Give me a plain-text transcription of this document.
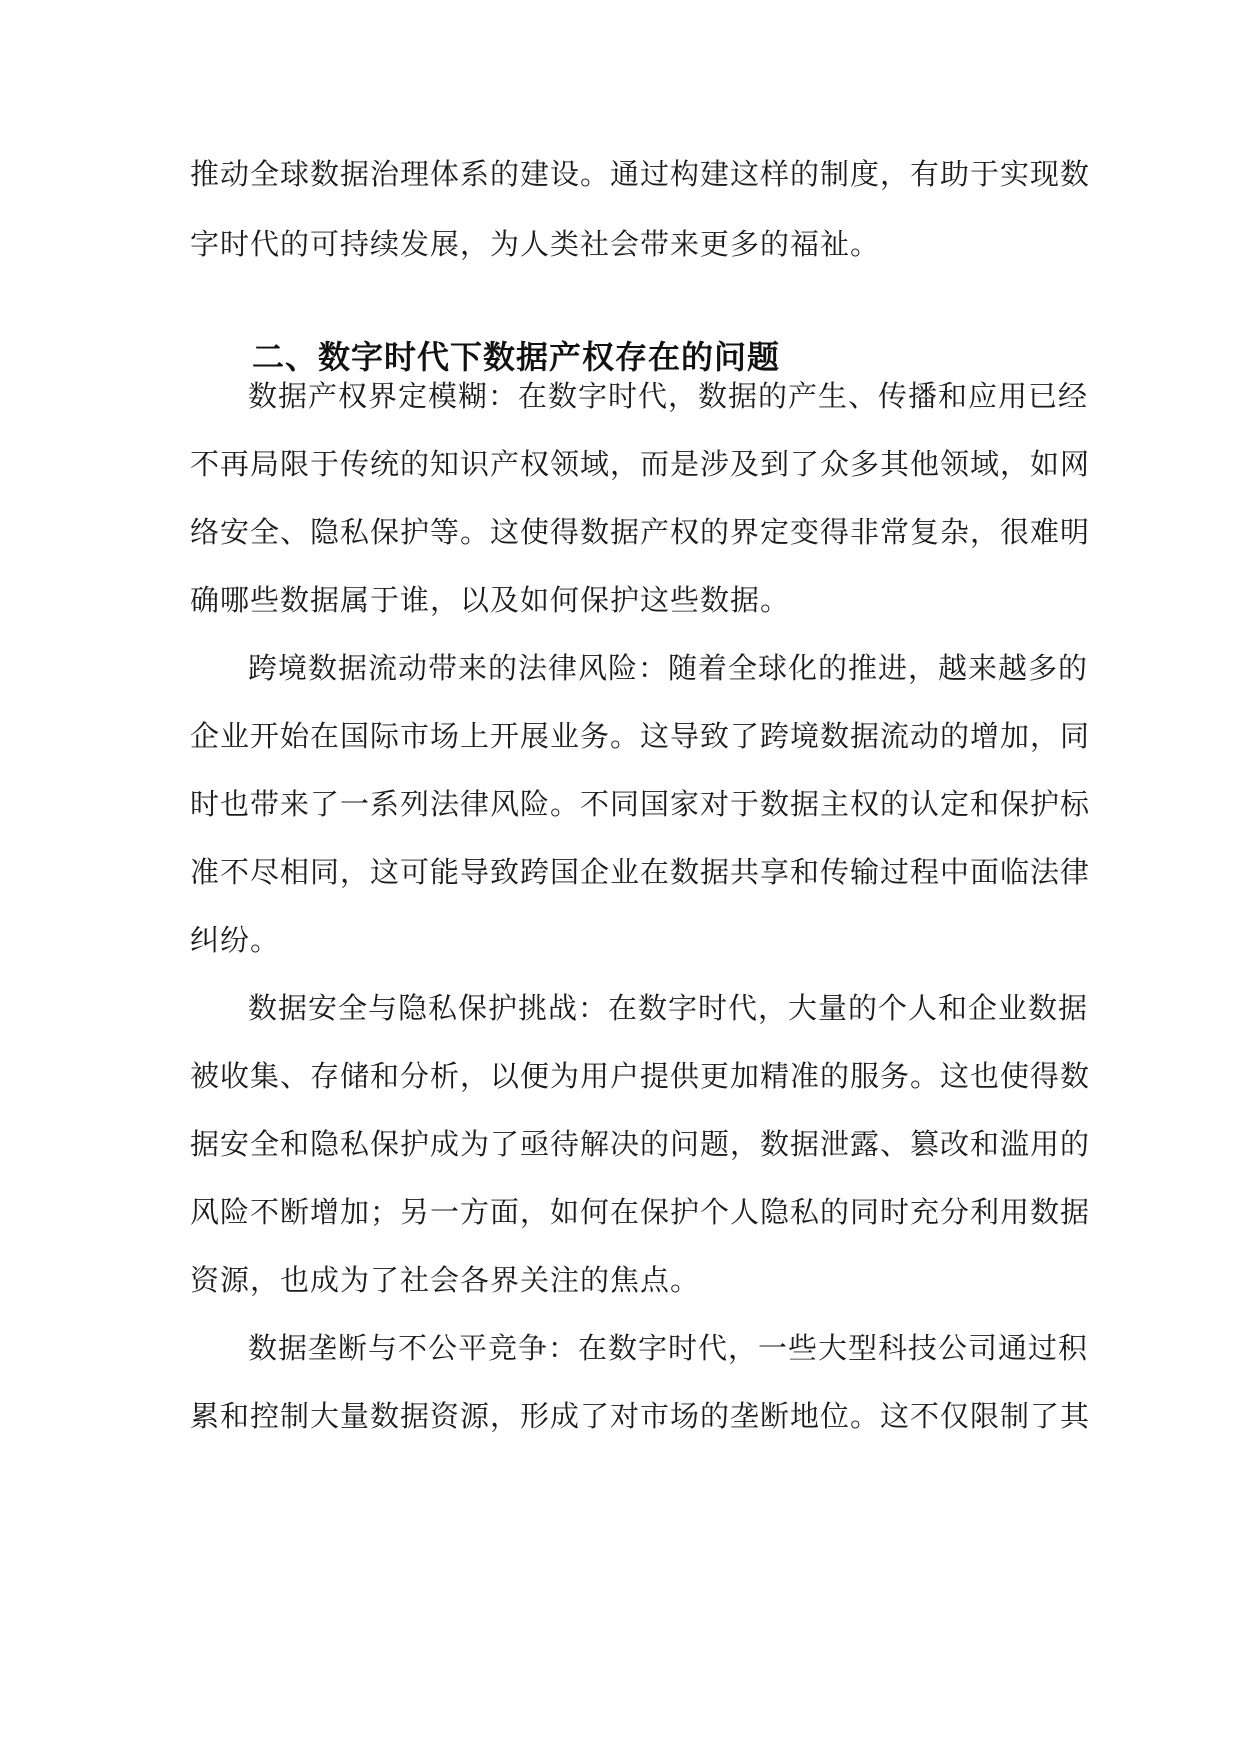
推动全球数据治理体系的建设。通过构建这样的制度，有助于实现数
字时代的可持续发展，为人类社会带来更多的福祉。
二、数字时代下数据产权存在的问题
数据产权界定模糊：在数字时代，数据的产生、传播和应用已经
不再局限于传统的知识产权领域，而是涉及到了众多其他领域，如网
络安全、隐私保护等。这使得数据产权的界定变得非常复杂，很难明
确哪些数据属于谁，以及如何保护这些数据。
跨境数据流动带来的法律风险：随着全球化的推进，越来越多的
企业开始在国际市场上开展业务。这导致了跨境数据流动的增加，同
时也带来了一系列法律风险。不同国家对于数据主权的认定和保护标
准不尽相同，这可能导致跨国企业在数据共享和传输过程中面临法律
纠纷。
数据安全与隐私保护挑战：在数字时代，大量的个人和企业数据
被收集、存储和分析，以便为用户提供更加精准的服务。这也使得数
据安全和隐私保护成为了亟待解决的问题，数据泄露、篡改和滥用的
风险不断增加；另一方面，如何在保护个人隐私的同时充分利用数据
资源，也成为了社会各界关注的焦点。
数据垄断与不公平竞争：在数字时代，一些大型科技公司通过积
累和控制大量数据资源，形成了对市场的垄断地位。这不仅限制了其
